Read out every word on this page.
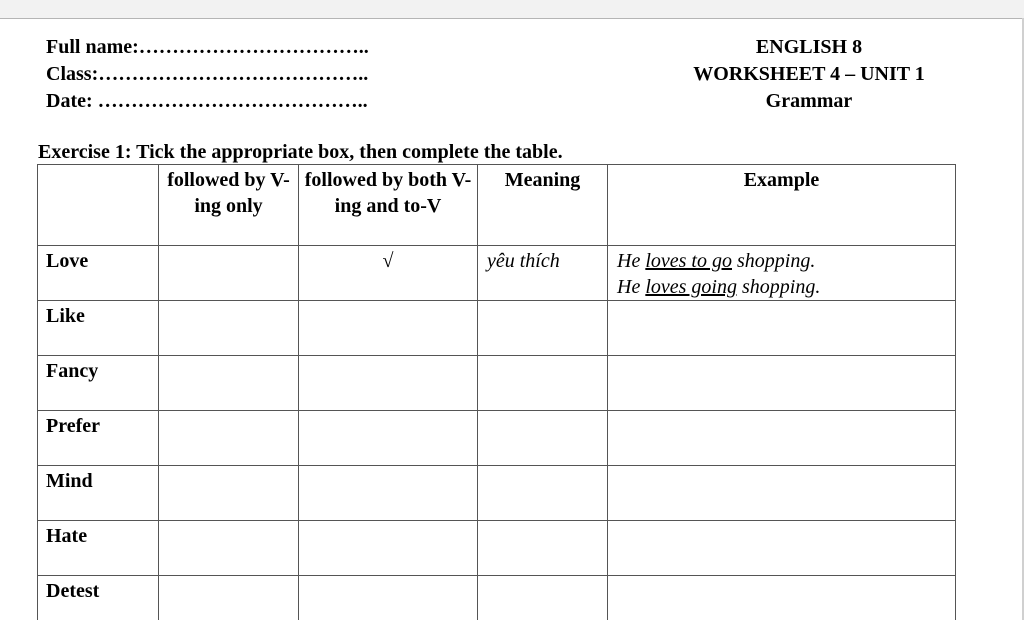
Full name:……………………………..
Class:…………………………………..
Date: …………………………………..
ENGLISH 8
WORKSHEET 4 – UNIT 1
Grammar
Exercise 1: Tick the appropriate box, then complete the table.
	followed by V-ing only	followed by both V-ing and to-V	Meaning	Example
Love		√	yêu thích	He loves to go shopping.
He loves going shopping.

Like				
Fancy				
Prefer				
Mind				
Hate				
Detest				
